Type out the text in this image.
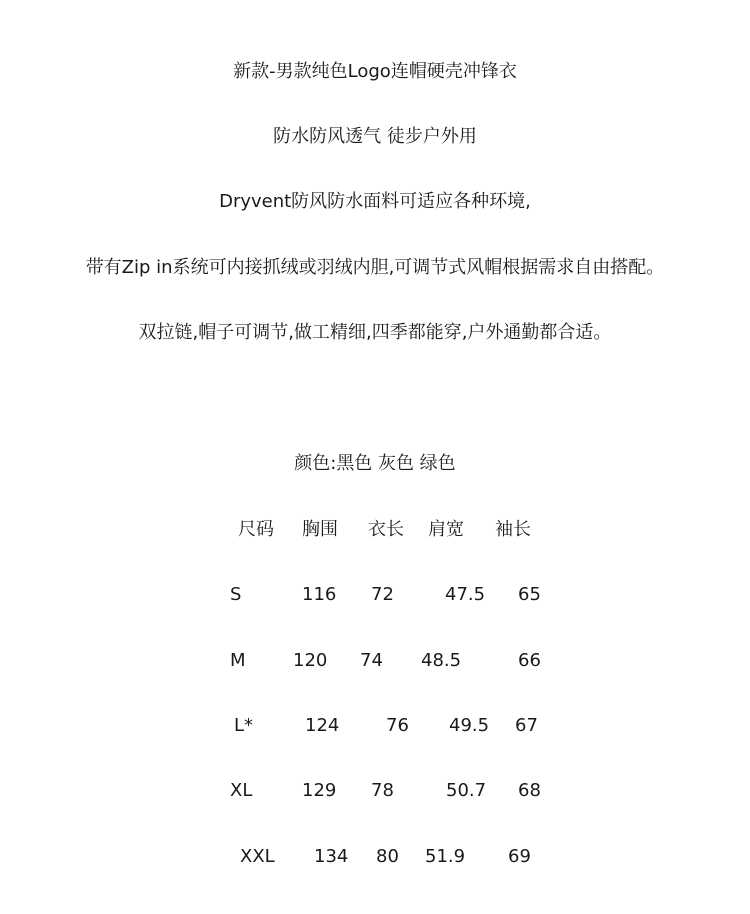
新款-男款纯色Logo连帽硬壳冲锋衣
防水防风透气 徒步户外用
Dryvent防风防水面料可适应各种环境,
带有Zip in系统可内接抓绒或羽绒内胆,可调节式风帽根据需求自由搭配。
双拉链,帽子可调节,做工精细,四季都能穿,户外通勤都合适。
颜色:黑色 灰色 绿色
尺码 胸围 衣长 肩宽 袖长
S	116 72	47.5 65
M	120 74 48.5	66
L*	124	76 49.5 67
XL	129 78	50.7 68
XXL 134 80 51.9 69
